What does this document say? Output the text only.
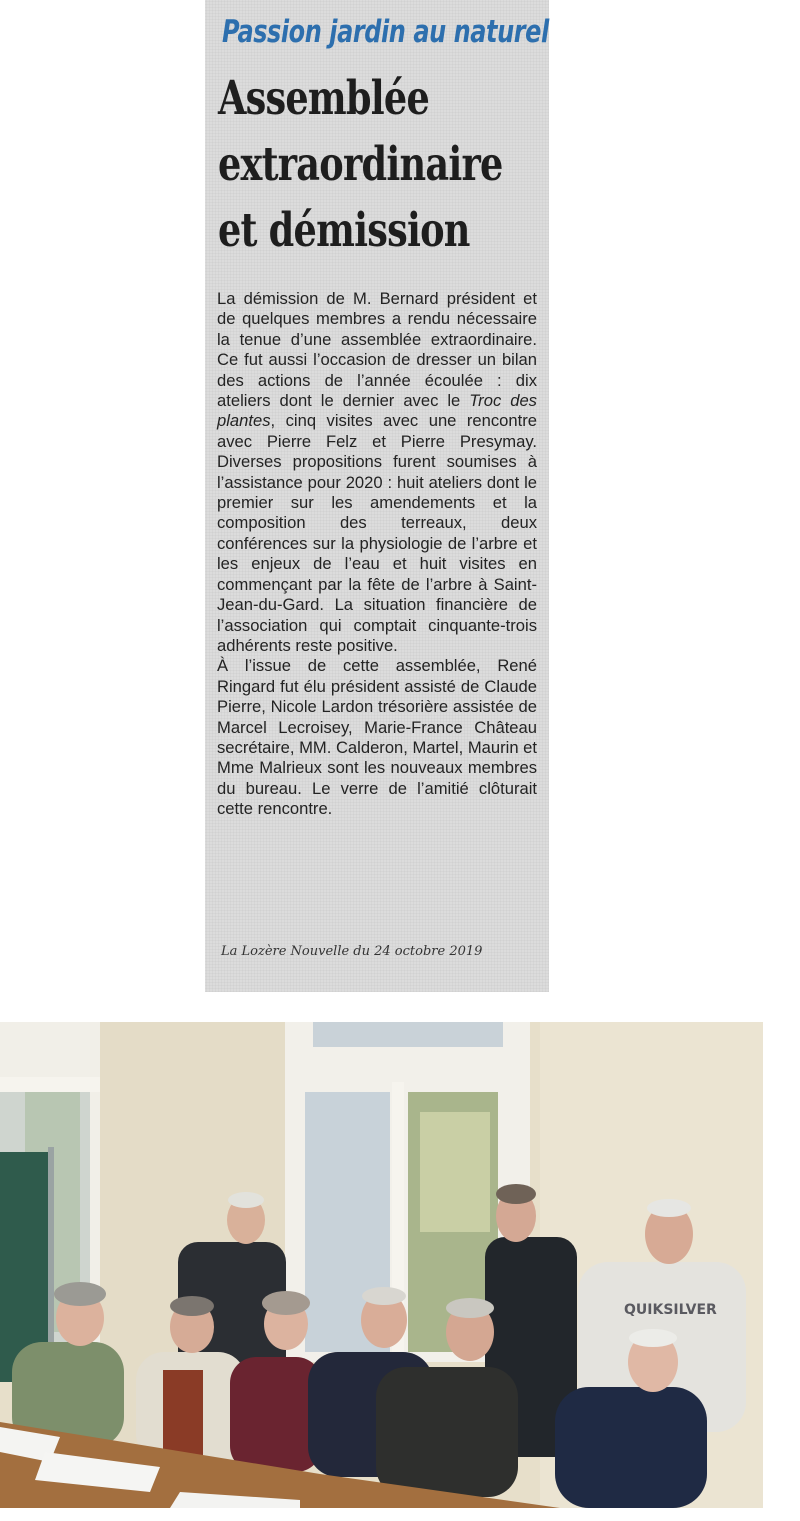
Passion jardin au naturel
Assemblée
extraordinaire
et démission

La démission de M. Bernard président et de quelques membres a rendu nécessaire la tenue d’une assemblée extraordinaire. Ce fut aussi l’occasion de dresser un bilan des actions de l’année écoulée : dix ateliers dont le dernier avec le Troc des plantes, cinq visites avec une rencontre avec Pierre Felz et Pierre Presymay. Diverses propositions furent soumises à l’assistance pour 2020 : huit ateliers dont le premier sur les amendements et la composition des terreaux, deux conférences sur la physiologie de l’arbre et les enjeux de l’eau et huit visites en commençant par la fête de l’arbre à Saint-Jean-du-Gard. La situation financière de l’association qui comptait cinquante-trois adhérents reste positive.

À l’issue de cette assemblée, René Ringard fut élu président assisté de Claude Pierre, Nicole Lardon trésorière assistée de Marcel Lecroisey, Marie-France Château secrétaire, MM. Calderon, Martel, Maurin et Mme Malrieux sont les nouveaux membres du bureau. Le verre de l’amitié clôturait cette rencontre.

La Lozère Nouvelle du 24 octobre 2019
QUIKSILVER
